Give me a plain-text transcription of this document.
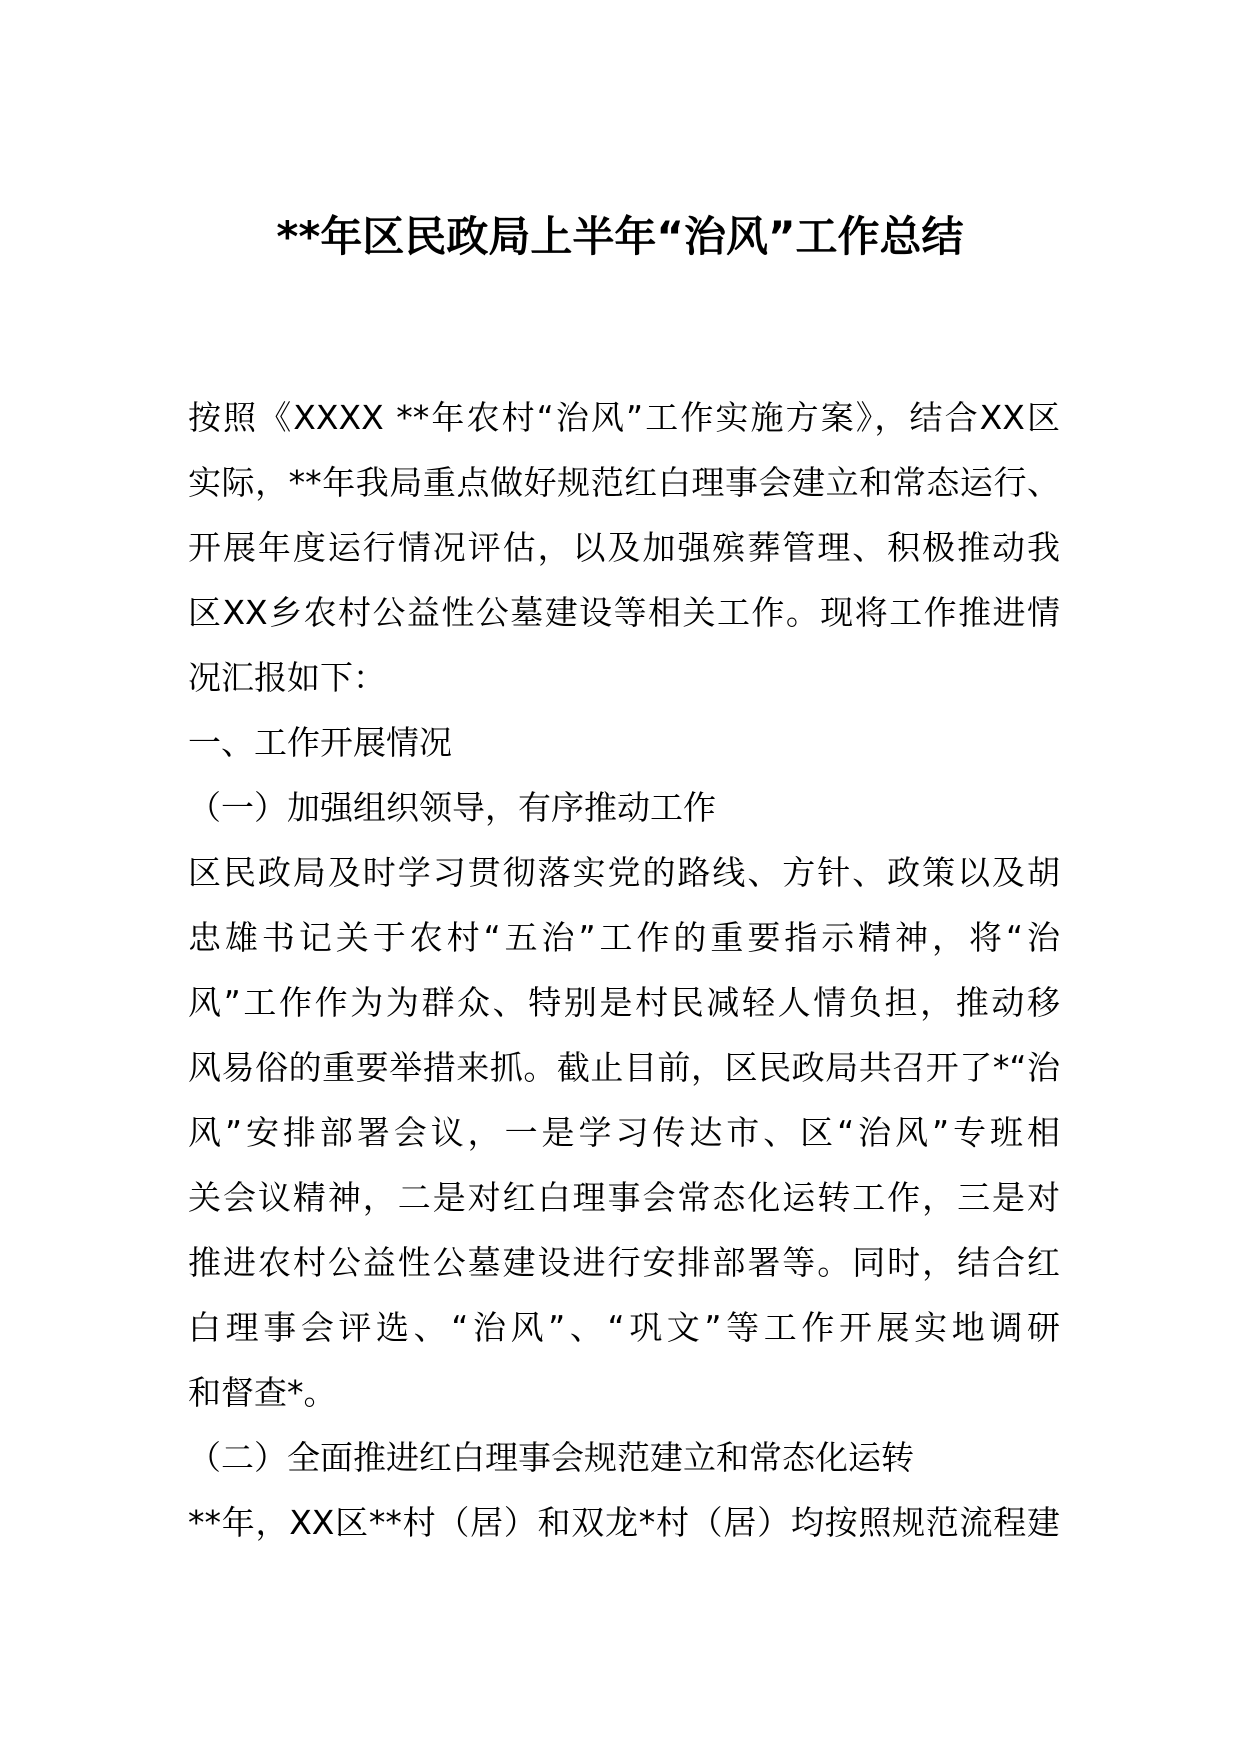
**年区民政局上半年“治风”工作总结
按照《XXXX **年农村“治风”工作实施方案》，结合XX区
实际，**年我局重点做好规范红白理事会建立和常态运行、
开展年度运行情况评估，以及加强殡葬管理、积极推动我
区XX乡农村公益性公墓建设等相关工作。现将工作推进情
况汇报如下：
一、工作开展情况
（一）加强组织领导，有序推动工作
区民政局及时学习贯彻落实党的路线、方针、政策以及胡
忠雄书记关于农村“五治”工作的重要指示精神，将“治
风”工作作为为群众、特别是村民减轻人情负担，推动移
风易俗的重要举措来抓。截止目前，区民政局共召开了*“治
风”安排部署会议，一是学习传达市、区“治风”专班相
关会议精神，二是对红白理事会常态化运转工作，三是对
推进农村公益性公墓建设进行安排部署等。同时，结合红
白理事会评选、“治风”、“巩文”等工作开展实地调研
和督查*。
（二）全面推进红白理事会规范建立和常态化运转
**年，XX区**村（居）和双龙*村（居）均按照规范流程建
